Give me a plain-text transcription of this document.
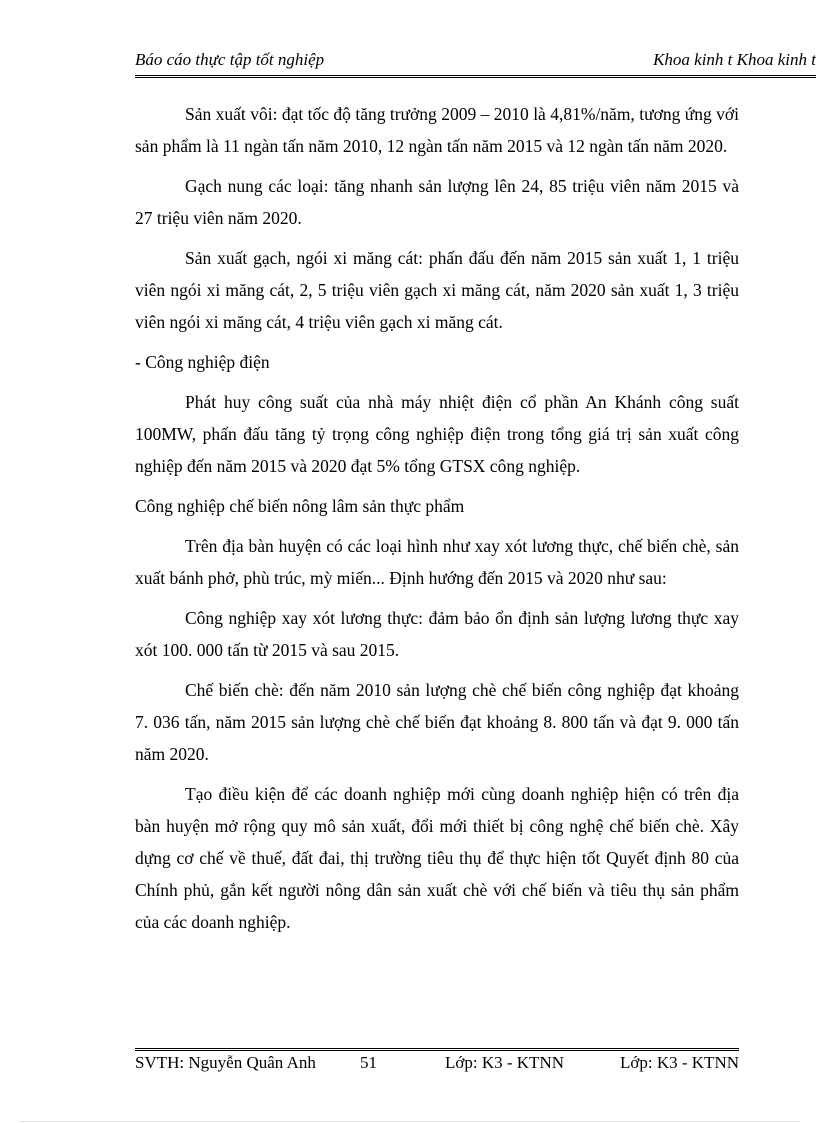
Báo cáo thực tập tốt nghiệp	Khoa kinh t Khoa kinh t

Sản xuất vôi: đạt tốc độ tăng trưởng 2009 – 2010 là 4,81%/năm, tương ứng với sản phẩm là 11 ngàn tấn năm 2010, 12 ngàn tấn năm 2015 và 12 ngàn tấn năm 2020.

Gạch nung các loại: tăng nhanh sản lượng lên 24, 85 triệu viên năm 2015 và 27 triệu viên năm 2020.

Sản xuất gạch, ngói xi măng cát: phấn đấu đến năm 2015 sản xuất 1, 1 triệu viên ngói xi măng cát, 2, 5 triệu viên gạch xi măng cát, năm 2020 sản xuất 1, 3 triệu viên ngói xi măng cát, 4 triệu viên gạch xi măng cát.

- Công nghiệp điện

Phát huy công suất của nhà máy nhiệt điện cổ phần An Khánh công suất 100MW, phấn đấu tăng tỷ trọng công nghiệp điện trong tổng giá trị sản xuất công nghiệp đến năm 2015 và 2020 đạt 5% tổng GTSX công nghiệp.

Công nghiệp chế biến nông lâm sản thực phẩm

Trên địa bàn huyện có các loại hình như xay xót lương thực, chế biến chè, sản xuất bánh phở, phù trúc, mỳ miến... Định hướng đến 2015 và 2020 như sau:

Công nghiệp xay xót lương thực: đảm bảo ổn định sản lượng lương thực xay xót 100. 000 tấn từ 2015 và sau 2015.

Chế biến chè: đến năm 2010 sản lượng chè chế biến công nghiệp đạt khoảng 7. 036 tấn, năm 2015 sản lượng chè chế biến đạt khoảng 8. 800 tấn và đạt 9. 000 tấn năm 2020.

Tạo điều kiện để các doanh nghiệp mới cùng doanh nghiệp hiện có trên địa bàn huyện mở rộng quy mô sản xuất, đổi mới thiết bị công nghệ chế biến chè. Xây dựng cơ chế về thuế, đất đai, thị trường tiêu thụ để thực hiện tốt Quyết định 80 của Chính phủ, gắn kết người nông dân sản xuất chè với chế biến và tiêu thụ sản phẩm của các doanh nghiệp.

SVTH: Nguyễn Quân Anh	51	Lớp: K3 - KTNN	Lớp: K3 - KTNN
